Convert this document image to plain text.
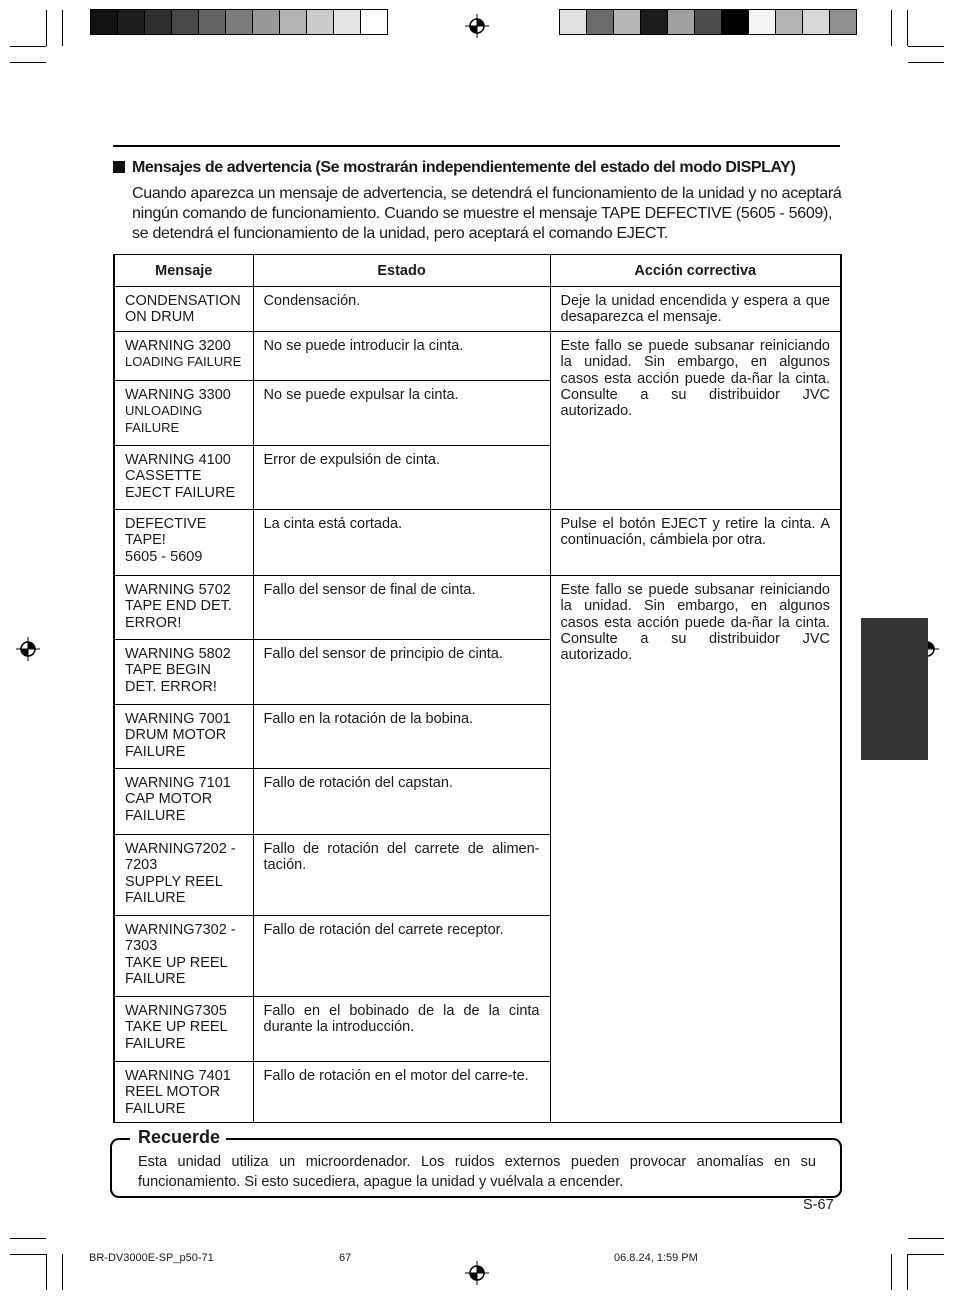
Mensajes de advertencia (Se mostrarán independientemente del estado del modo DISPLAY)
Cuando aparezca un mensaje de advertencia, se detendrá el funcionamiento de la unidad y no aceptará ningún comando de funcionamiento. Cuando se muestre el mensaje TAPE DEFECTIVE (5605 - 5609), se detendrá el funcionamiento de la unidad, pero aceptará el comando EJECT.
Mensaje	Estado	Acción correctiva

CONDENSATION
ON DRUM	Condensación.	Deje la unidad encendida y espera a que desaparezca el mensaje.

WARNING 3200
LOADING FAILURE	No se puede introducir la cinta.	Este fallo se puede subsanar reiniciando la unidad. Sin embargo, en algunos casos esta acción puede da-ñar la cinta. Consulte a su distribuidor JVC autorizado.

WARNING 3300
UNLOADING
FAILURE	No se puede expulsar la cinta.	

WARNING 4100
CASSETTE
EJECT FAILURE	Error de expulsión de cinta.	

DEFECTIVE
TAPE!
5605 - 5609	La cinta está cortada.	Pulse el botón EJECT y retire la cinta. A continuación, cámbiela por otra.

WARNING 5702
TAPE END DET.
ERROR!	Fallo del sensor de final de cinta.	Este fallo se puede subsanar reiniciando la unidad. Sin embargo, en algunos casos esta acción puede da-ñar la cinta. Consulte a su distribuidor JVC autorizado.

WARNING 5802
TAPE BEGIN
DET. ERROR!	Fallo del sensor de principio de cinta.	

WARNING 7001
DRUM MOTOR
FAILURE	Fallo en la rotación de la bobina.	

WARNING 7101
CAP MOTOR
FAILURE	Fallo de rotación del capstan.	

WARNING7202 -
7203
SUPPLY REEL
FAILURE	Fallo de rotación del carrete de alimen-tación.	

WARNING7302 -
7303
TAKE UP REEL
FAILURE	Fallo de rotación del carrete receptor.	

WARNING7305
TAKE UP REEL
FAILURE	Fallo en el bobinado de la de la cinta durante la introducción.	

WARNING 7401
REEL MOTOR
FAILURE	Fallo de rotación en el motor del carre-te.	
Recuerde
Esta unidad utiliza un microordenador. Los ruidos externos pueden provocar anomalías en su funcionamiento. Si esto sucediera, apague la unidad y vuélvala a encender.
S-67
BR-DV3000E-SP_p50-71	67	06.8.24, 1:59 PM
